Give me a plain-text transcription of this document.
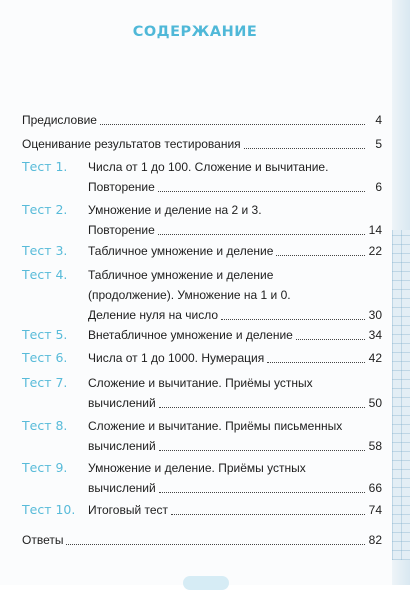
СОДЕРЖАНИЕ
Предисловие	4
Оценивание результатов тестирования	5
Тест 1.	Числа от 1 до 100. Сложение и вычитание.
Повторение	6
Тест 2.	Умножение и деление на 2 и 3.
Повторение	14
Тест 3.	Табличное умножение и деление	22
Тест 4.	Табличное умножение и деление
(продолжение). Умножение на 1 и 0.
Деление нуля на число	30
Тест 5.	Внетабличное умножение и деление	34
Тест 6.	Числа от 1 до 1000. Нумерация	42
Тест 7.	Сложение и вычитание. Приёмы устных
вычислений	50
Тест 8.	Сложение и вычитание. Приёмы письменных
вычислений	58
Тест 9.	Умножение и деление. Приёмы устных
вычислений	66
Тест 10.	Итоговый тест	74
Ответы	82
